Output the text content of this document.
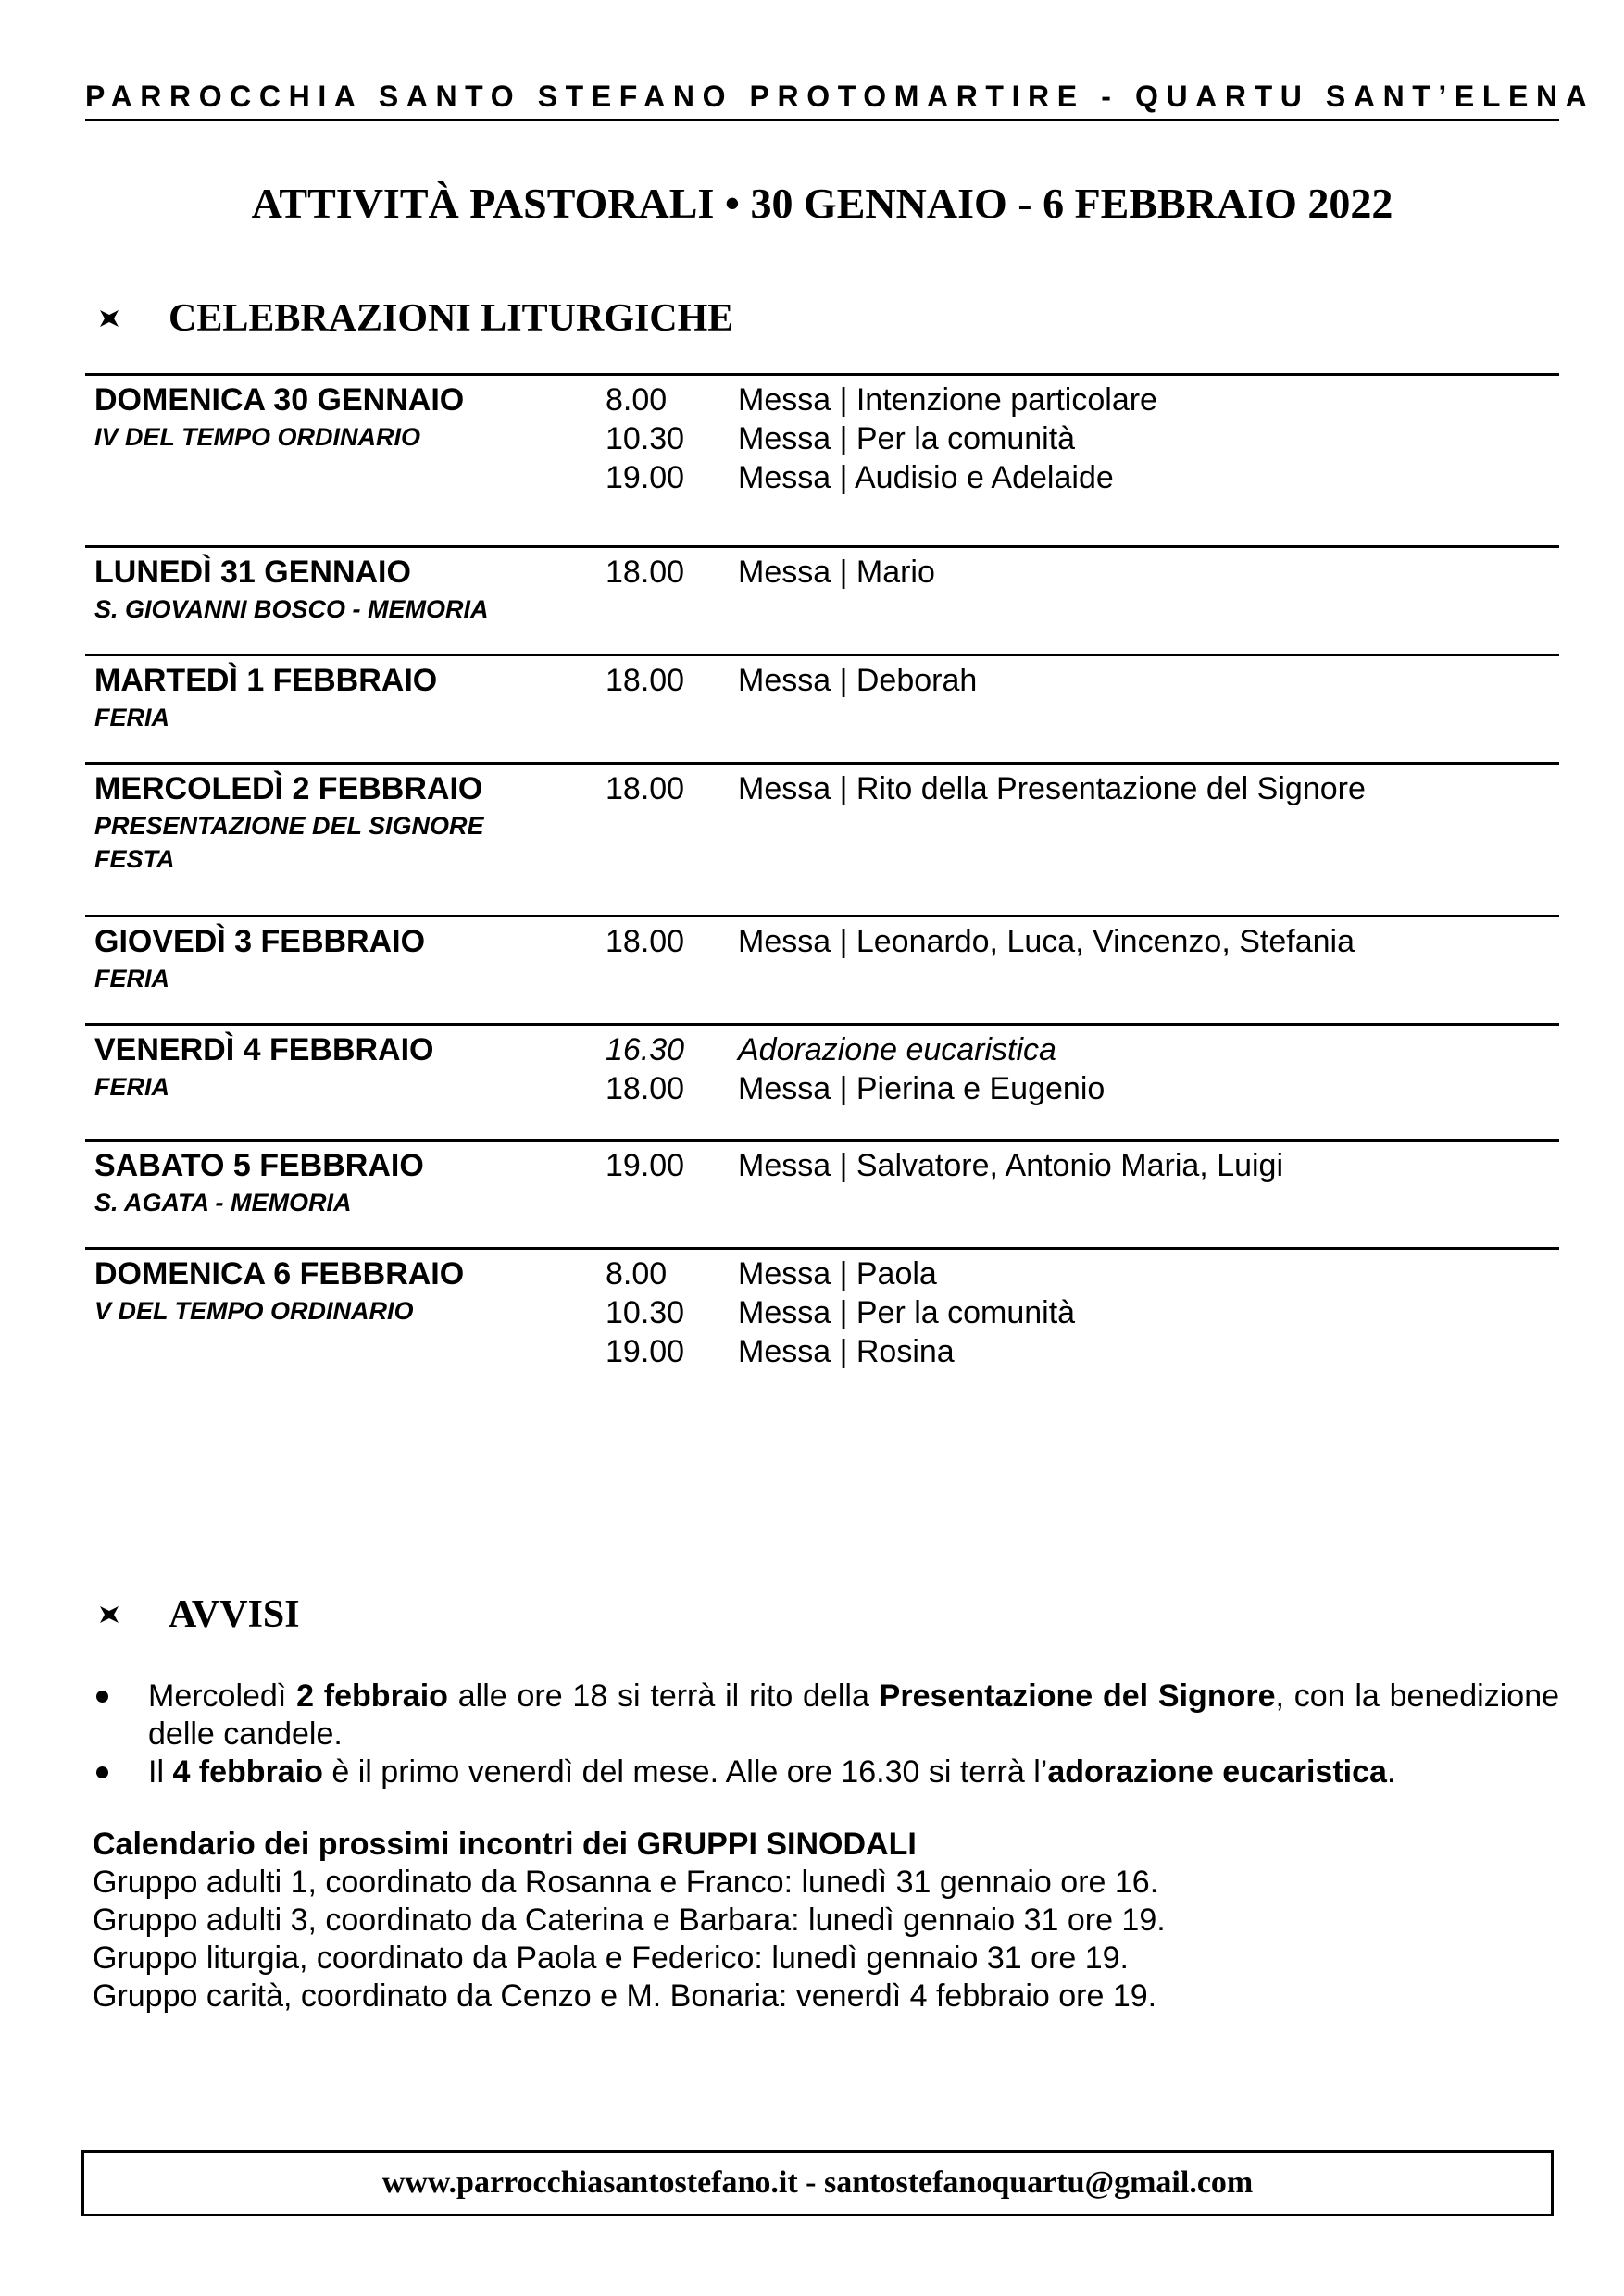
PARROCCHIA SANTO STEFANO PROTOMARTIRE - QUARTU SANT’ELENA
ATTIVITÀ PASTORALI • 30 GENNAIO - 6 FEBBRAIO 2022
CELEBRAZIONI LITURGICHE
DOMENICA 30 GENNAIO
IV DEL TEMPO ORDINARIO
8.00	Messa | Intenzione particolare
10.30	Messa | Per la comunità
19.00	Messa | Audisio e Adelaide
LUNEDÌ 31 GENNAIO
S. GIOVANNI BOSCO - MEMORIA
18.00	Messa | Mario
MARTEDÌ 1 FEBBRAIO
FERIA
18.00	Messa | Deborah
MERCOLEDÌ 2 FEBBRAIO
PRESENTAZIONE DEL SIGNORE
FESTA
18.00	Messa | Rito della Presentazione del Signore
GIOVEDÌ 3 FEBBRAIO
FERIA
18.00	Messa | Leonardo, Luca, Vincenzo, Stefania
VENERDÌ 4 FEBBRAIO
FERIA
16.30	Adorazione eucaristica
18.00	Messa | Pierina e Eugenio
SABATO 5 FEBBRAIO
S. AGATA - MEMORIA
19.00	Messa | Salvatore, Antonio Maria, Luigi
DOMENICA 6 FEBBRAIO
V DEL TEMPO ORDINARIO
8.00	Messa | Paola
10.30	Messa | Per la comunità
19.00	Messa | Rosina
AVVISI
Mercoledì 2 febbraio alle ore 18 si terrà il rito della Presentazione del Signore, con la benedizione delle candele.
Il 4 febbraio è il primo venerdì del mese. Alle ore 16.30 si terrà l’adorazione eucaristica.
Calendario dei prossimi incontri dei GRUPPI SINODALI
Gruppo adulti 1, coordinato da Rosanna e Franco: lunedì 31 gennaio ore 16.
Gruppo adulti 3, coordinato da Caterina e Barbara: lunedì gennaio 31 ore 19.
Gruppo liturgia, coordinato da Paola e Federico: lunedì gennaio 31 ore 19.
Gruppo carità, coordinato da Cenzo e M. Bonaria: venerdì 4 febbraio ore 19.
www.parrocchiasantostefano.it - santostefanoquartu@gmail.com
